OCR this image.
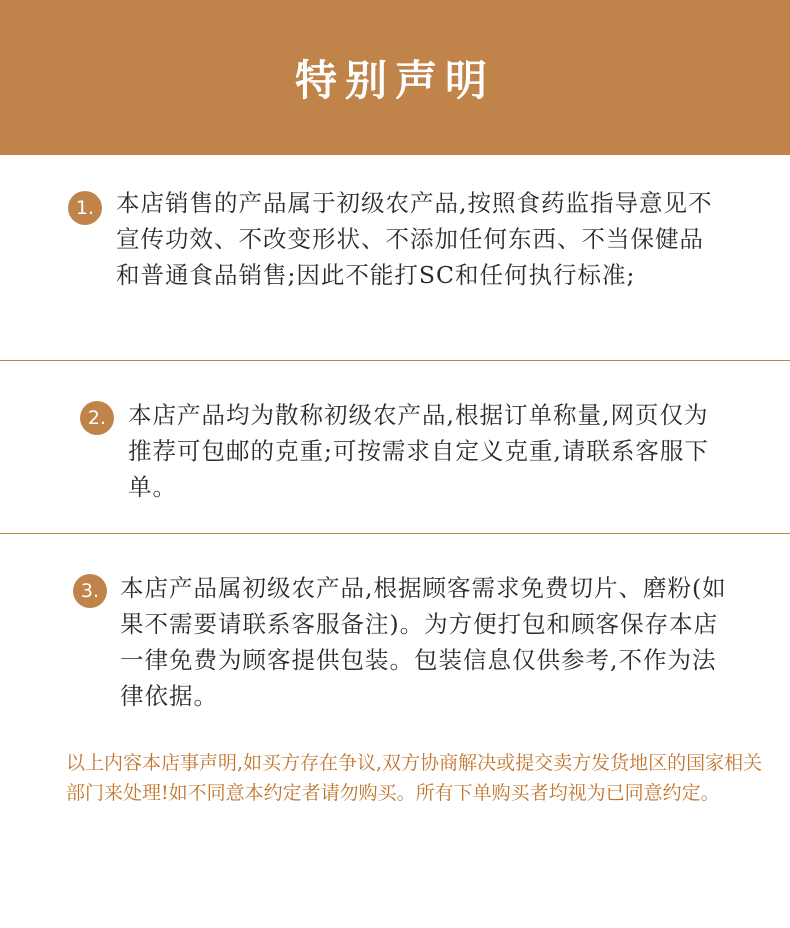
特别声明
1. 本店销售的产品属于初级农产品,按照食药监指导意见不宣传功效、不改变形状、不添加任何东西、不当保健品和普通食品销售;因此不能打SC和任何执行标准;
2. 本店产品均为散称初级农产品,根据订单称量,网页仅为推荐可包邮的克重;可按需求自定义克重,请联系客服下单。
3. 本店产品属初级农产品,根据顾客需求免费切片、磨粉(如果不需要请联系客服备注)。为方便打包和顾客保存本店一律免费为顾客提供包装。包装信息仅供参考,不作为法律依据。
以上内容本店事声明,如买方存在争议,双方协商解决或提交卖方发货地区的国家相关部门来处理!如不同意本约定者请勿购买。所有下单购买者均视为已同意约定。
